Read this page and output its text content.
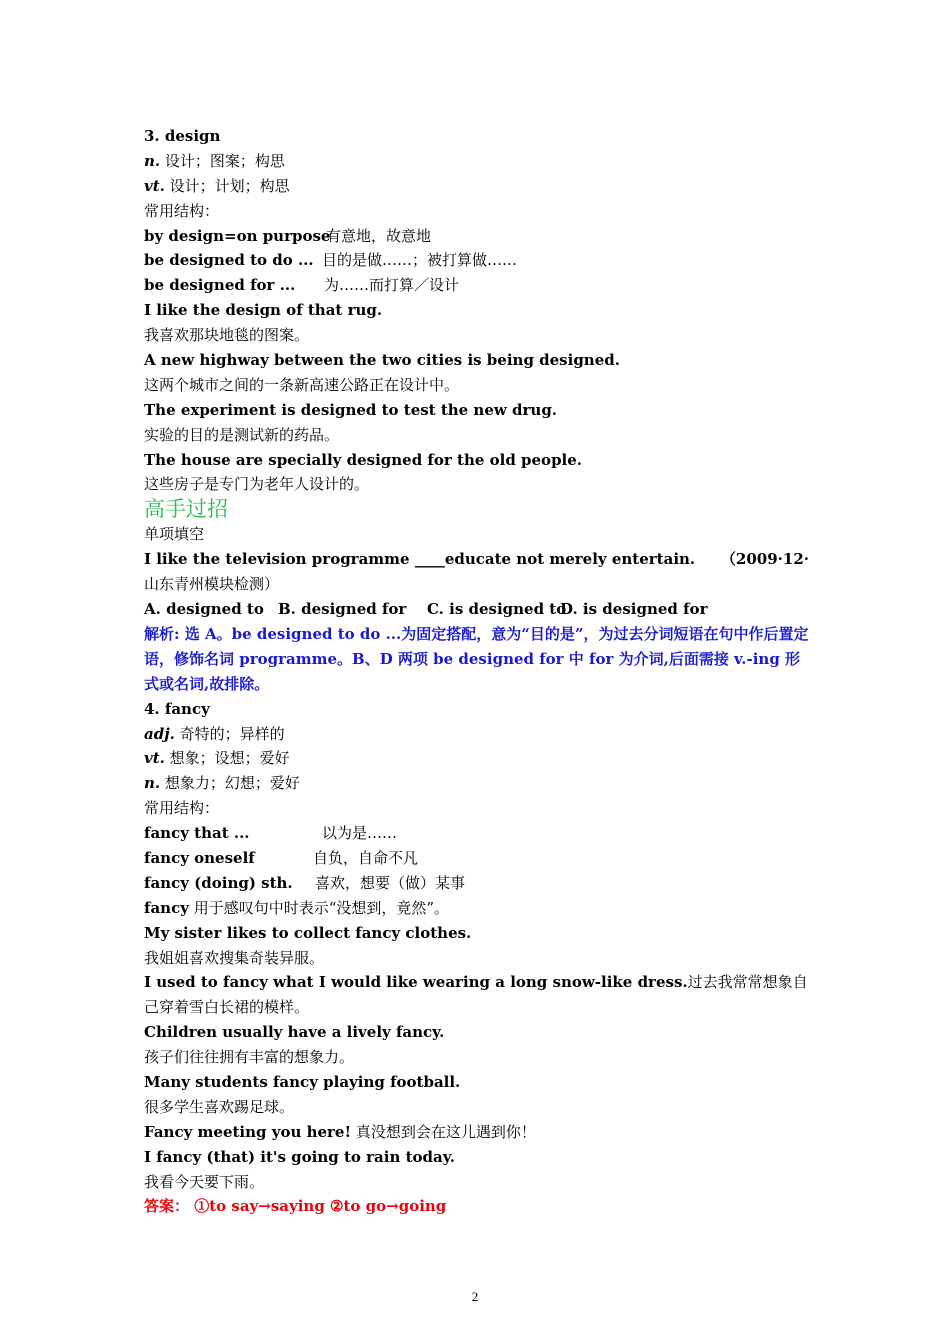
3. design
n. 设计；图案；构思
vt. 设计；计划；构思
常用结构：
by design=on purpose有意地，故意地
be designed to do ... 目的是做……；被打算做……
be designed for ... 为……而打算／设计
I like the design of that rug.
我喜欢那块地毯的图案。
A new highway between the two cities is being designed.
这两个城市之间的一条新高速公路正在设计中。
The experiment is designed to test the new drug.
实验的目的是测试新的药品。
The house are specially designed for the old people.
这些房子是专门为老年人设计的。
高手过招
单项填空
I like the television programme ____educate not merely entertain. （2009·12·
山东青州模块检测）
A. designed to B. designed for C. is designed toD. is designed for
解析: 选 A。be designed to do ...为固定搭配，意为“目的是”，为过去分词短语在句中作后置定语，修饰名词 programme。B、D 两项 be designed for 中 for 为介词,后面需接 v.-ing 形式或名词,故排除。
4. fancy
adj. 奇特的；异样的
vt. 想象；设想；爱好
n. 想象力；幻想；爱好
常用结构：
fancy that ...	以为是……
fancy oneself	自负，自命不凡
fancy (doing) sth. 喜欢，想要（做）某事
fancy 用于感叹句中时表示“没想到，竟然”。
My sister likes to collect fancy clothes.
我姐姐喜欢搜集奇装异服。
I used to fancy what I would like wearing a long snow-like dress.过去我常常想象自己穿着雪白长裙的模样。
Children usually have a lively fancy.
孩子们往往拥有丰富的想象力。
Many students fancy playing football.
很多学生喜欢踢足球。
Fancy meeting you here! 真没想到会在这儿遇到你！
I fancy (that) it's going to rain today.
我看今天要下雨。
答案： ①to say→saying ②to go→going
2
